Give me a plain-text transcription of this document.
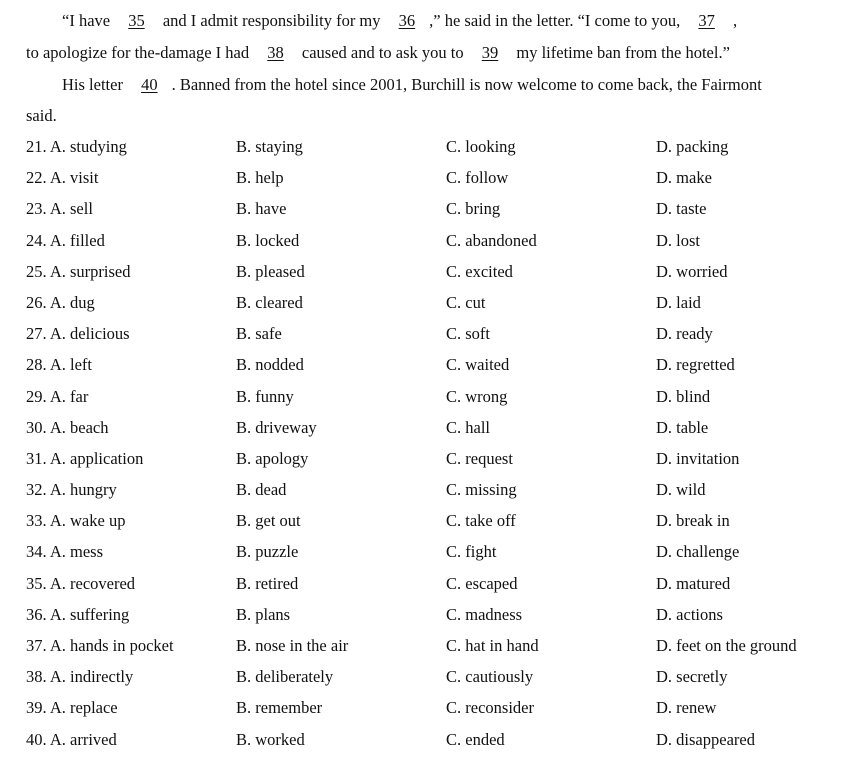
“I have 35 and I admit responsibility for my 36 ,” he said in the letter. “I come to you, 37 ,
to apologize for the-damage I had 38 caused and to ask you to 39 my lifetime ban from the hotel.”
His letter 40 . Banned from the hotel since 2001, Burchill is now welcome to come back, the Fairmont
said.
21. A. studying	B. staying	C. looking	D. packing
22. A. visit	B. help	C. follow	D. make
23. A. sell	B. have	C. bring	D. taste
24. A. filled	B. locked	C. abandoned	D. lost
25. A. surprised	B. pleased	C. excited	D. worried
26. A. dug	B. cleared	C. cut	D. laid
27. A. delicious	B. safe	C. soft	D. ready
28. A. left	B. nodded	C. waited	D. regretted
29. A. far	B. funny	C. wrong	D. blind
30. A. beach	B. driveway	C. hall	D. table
31. A. application	B. apology	C. request	D. invitation
32. A. hungry	B. dead	C. missing	D. wild
33. A. wake up	B. get out	C. take off	D. break in
34. A. mess	B. puzzle	C. fight	D. challenge
35. A. recovered	B. retired	C. escaped	D. matured
36. A. suffering	B. plans	C. madness	D. actions
37. A. hands in pocket	B. nose in the air	C. hat in hand	D. feet on the ground
38. A. indirectly	B. deliberately	C. cautiously	D. secretly
39. A. replace	B. remember	C. reconsider	D. renew
40. A. arrived	B. worked	C. ended	D. disappeared
